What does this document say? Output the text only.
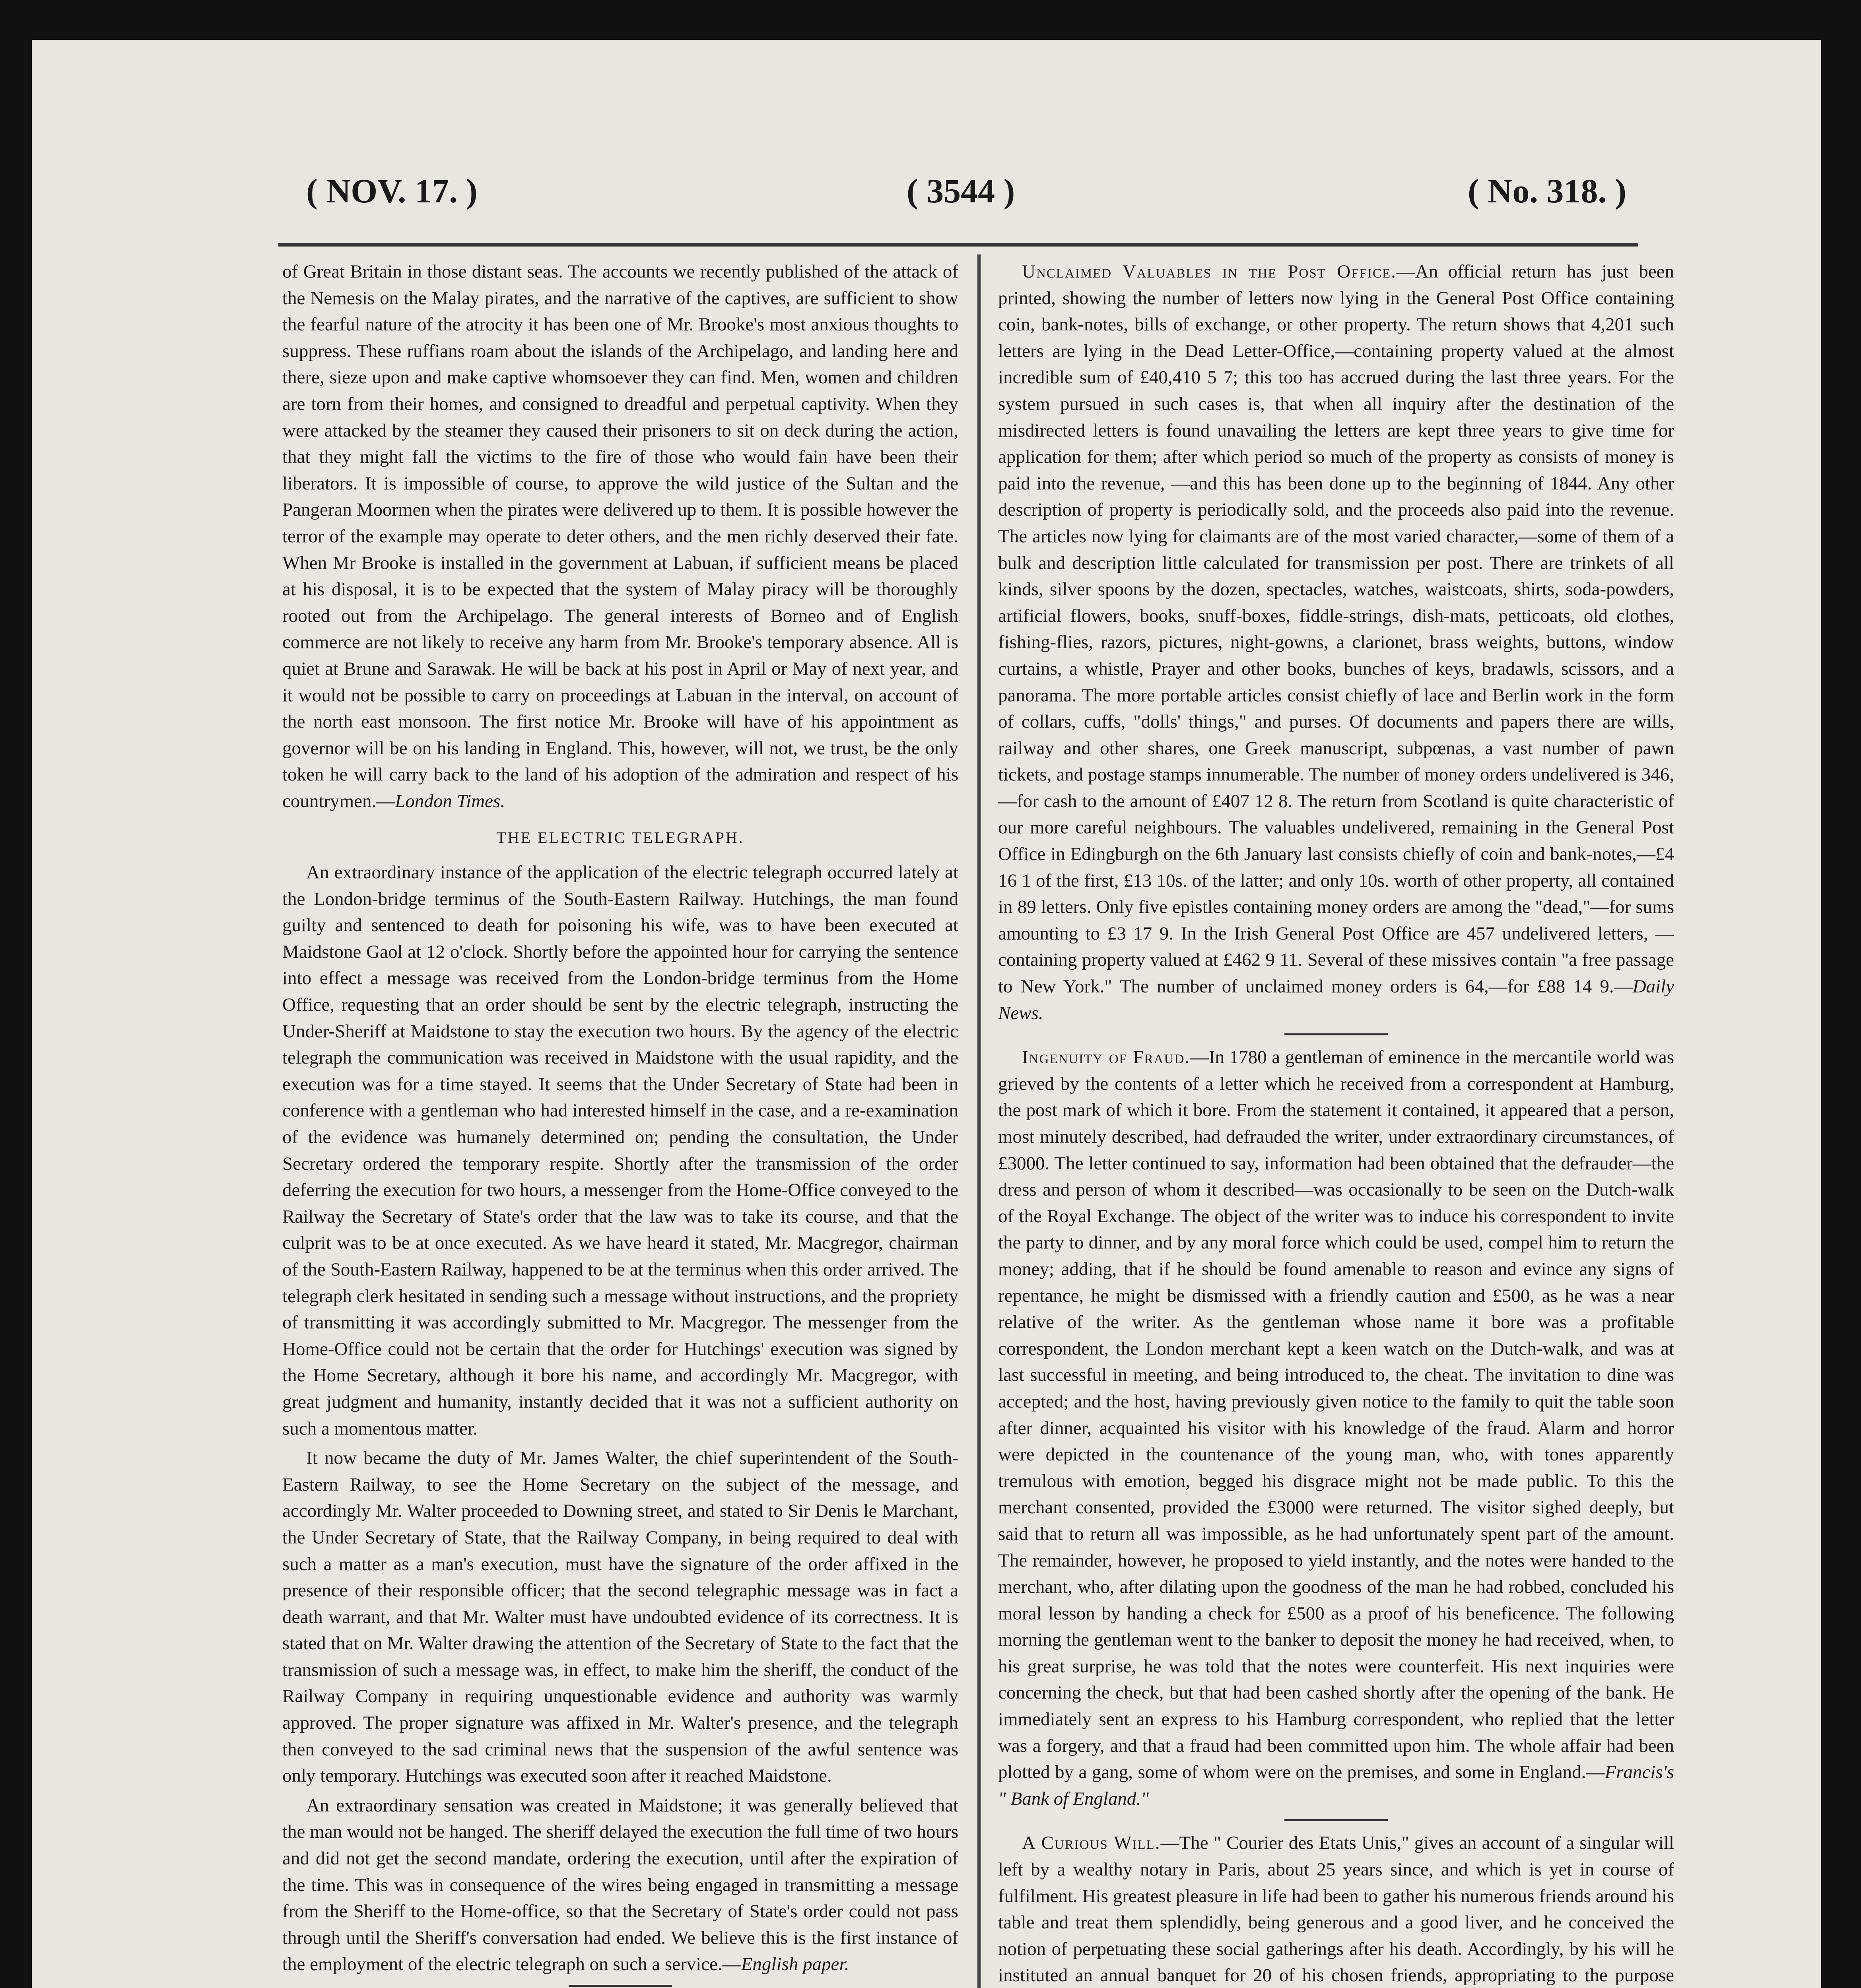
( NOV. 17. )	( 3544 )	( No. 318. )

of Great Britain in those distant seas. The accounts we recently published of the attack of the Nemesis on the Malay pirates, and the narrative of the captives, are sufficient to show the fearful nature of the atrocity it has been one of Mr. Brooke's most anxious thoughts to suppress. These ruffians roam about the islands of the Archipelago, and landing here and there, sieze upon and make captive whomsoever they can find. Men, women and children are torn from their homes, and consigned to dreadful and perpetual captivity. When they were attacked by the steamer they caused their prisoners to sit on deck during the action, that they might fall the victims to the fire of those who would fain have been their liberators. It is impossible of course, to approve the wild justice of the Sultan and the Pangeran Moormen when the pirates were delivered up to them. It is possible however the terror of the example may operate to deter others, and the men richly deserved their fate. When Mr Brooke is installed in the government at Labuan, if sufficient means be placed at his disposal, it is to be expected that the system of Malay piracy will be thoroughly rooted out from the Archipelago. The general interests of Borneo and of English commerce are not likely to receive any harm from Mr. Brooke's temporary absence. All is quiet at Brune and Sarawak. He will be back at his post in April or May of next year, and it would not be possible to carry on proceedings at Labuan in the interval, on account of the north east monsoon. The first notice Mr. Brooke will have of his appointment as governor will be on his landing in England. This, however, will not, we trust, be the only token he will carry back to the land of his adoption of the admiration and respect of his countrymen.—London Times.

THE ELECTRIC TELEGRAPH.

An extraordinary instance of the application of the electric telegraph occurred lately at the London-bridge terminus of the South-Eastern Railway. Hutchings, the man found guilty and sentenced to death for poisoning his wife, was to have been executed at Maidstone Gaol at 12 o'clock. Shortly before the appointed hour for carrying the sentence into effect a message was received from the London-bridge terminus from the Home Office, requesting that an order should be sent by the electric telegraph, instructing the Under-Sheriff at Maidstone to stay the execution two hours. By the agency of the electric telegraph the communication was received in Maidstone with the usual rapidity, and the execution was for a time stayed. It seems that the Under Secretary of State had been in conference with a gentleman who had interested himself in the case, and a re-examination of the evidence was humanely determined on; pending the consultation, the Under Secretary ordered the temporary respite. Shortly after the transmission of the order deferring the execution for two hours, a messenger from the Home-Office conveyed to the Railway the Secretary of State's order that the law was to take its course, and that the culprit was to be at once executed. As we have heard it stated, Mr. Macgregor, chairman of the South-Eastern Railway, happened to be at the terminus when this order arrived. The telegraph clerk hesitated in sending such a message without instructions, and the propriety of transmitting it was accordingly submitted to Mr. Macgregor. The messenger from the Home-Office could not be certain that the order for Hutchings' execution was signed by the Home Secretary, although it bore his name, and accordingly Mr. Macgregor, with great judgment and humanity, instantly decided that it was not a sufficient authority on such a momentous matter.

It now became the duty of Mr. James Walter, the chief superintendent of the South-Eastern Railway, to see the Home Secretary on the subject of the message, and accordingly Mr. Walter proceeded to Downing street, and stated to Sir Denis le Marchant, the Under Secretary of State, that the Railway Company, in being required to deal with such a matter as a man's execution, must have the signature of the order affixed in the presence of their responsible officer; that the second telegraphic message was in fact a death warrant, and that Mr. Walter must have undoubted evidence of its correctness. It is stated that on Mr. Walter drawing the attention of the Secretary of State to the fact that the transmission of such a message was, in effect, to make him the sheriff, the conduct of the Railway Company in requiring unquestionable evidence and authority was warmly approved. The proper signature was affixed in Mr. Walter's presence, and the telegraph then conveyed to the sad criminal news that the suspension of the awful sentence was only temporary. Hutchings was executed soon after it reached Maidstone.

An extraordinary sensation was created in Maidstone; it was generally believed that the man would not be hanged. The sheriff delayed the execution the full time of two hours and did not get the second mandate, ordering the execution, until after the expiration of the time. This was in consequence of the wires being engaged in transmitting a message from the Sheriff to the Home-office, so that the Secretary of State's order could not pass through until the Sheriff's conversation had ended. We believe this is the first instance of the employment of the electric telegraph on such a service.—English paper.

Unclaimed Valuables in the Post Office.—An official return has just been printed, showing the number of letters now lying in the General Post Office containing coin, bank-notes, bills of exchange, or other property. The return shows that 4,201 such letters are lying in the Dead Letter-Office,—containing property valued at the almost incredible sum of £40,410 5 7; this too has accrued during the last three years. For the system pursued in such cases is, that when all inquiry after the destination of the misdirected letters is found unavailing the letters are kept three years to give time for application for them; after which period so much of the property as consists of money is paid into the revenue, —and this has been done up to the beginning of 1844. Any other description of property is periodically sold, and the proceeds also paid into the revenue. The articles now lying for claimants are of the most varied character,—some of them of a bulk and description little calculated for transmission per post. There are trinkets of all kinds, silver spoons by the dozen, spectacles, watches, waistcoats, shirts, soda-powders, artificial flowers, books, snuff-boxes, fiddle-strings, dish-mats, petticoats, old clothes, fishing-flies, razors, pictures, night-gowns, a clarionet, brass weights, buttons, window curtains, a whistle, Prayer and other books, bunches of keys, bradawls, scissors, and a panorama. The more portable articles consist chiefly of lace and Berlin work in the form of collars, cuffs, "dolls' things," and purses. Of documents and papers there are wills, railway and other shares, one Greek manuscript, subpœnas, a vast number of pawn tickets, and postage stamps innumerable. The number of money orders undelivered is 346,—for cash to the amount of £407 12 8. The return from Scotland is quite characteristic of our more careful neighbours. The valuables undelivered, remaining in the General Post Office in Edingburgh on the 6th January last consists chiefly of coin and bank-notes,—£4 16 1 of the first, £13 10s. of the latter; and only 10s. worth of other property, all contained in 89 letters. Only five epistles containing money orders are among the "dead,"—for sums amounting to £3 17 9. In the Irish General Post Office are 457 undelivered letters, —containing property valued at £462 9 11. Several of these missives contain "a free passage to New York." The number of unclaimed money orders is 64,—for £88 14 9.—Daily News.

Ingenuity of Fraud.—In 1780 a gentleman of eminence in the mercantile world was grieved by the contents of a letter which he received from a correspondent at Hamburg, the post mark of which it bore. From the statement it contained, it appeared that a person, most minutely described, had defrauded the writer, under extraordinary circumstances, of £3000. The letter continued to say, information had been obtained that the defrauder—the dress and person of whom it described—was occasionally to be seen on the Dutch-walk of the Royal Exchange. The object of the writer was to induce his correspondent to invite the party to dinner, and by any moral force which could be used, compel him to return the money; adding, that if he should be found amenable to reason and evince any signs of repentance, he might be dismissed with a friendly caution and £500, as he was a near relative of the writer. As the gentleman whose name it bore was a profitable correspondent, the London merchant kept a keen watch on the Dutch-walk, and was at last successful in meeting, and being introduced to, the cheat. The invitation to dine was accepted; and the host, having previously given notice to the family to quit the table soon after dinner, acquainted his visitor with his knowledge of the fraud. Alarm and horror were depicted in the countenance of the young man, who, with tones apparently tremulous with emotion, begged his disgrace might not be made public. To this the merchant consented, provided the £3000 were returned. The visitor sighed deeply, but said that to return all was impossible, as he had unfortunately spent part of the amount. The remainder, however, he proposed to yield instantly, and the notes were handed to the merchant, who, after dilating upon the goodness of the man he had robbed, concluded his moral lesson by handing a check for £500 as a proof of his beneficence. The following morning the gentleman went to the banker to deposit the money he had received, when, to his great surprise, he was told that the notes were counterfeit. His next inquiries were concerning the check, but that had been cashed shortly after the opening of the bank. He immediately sent an express to his Hamburg correspondent, who replied that the letter was a forgery, and that a fraud had been committed upon him. The whole affair had been plotted by a gang, some of whom were on the premises, and some in England.—Francis's " Bank of England."

A Curious Will.—The " Courier des Etats Unis," gives an account of a singular will left by a wealthy notary in Paris, about 25 years since, and which is yet in course of fulfilment. His greatest pleasure in life had been to gather his numerous friends around his table and treat them splendidly, being generous and a good liver, and he conceived the notion of perpetuating these social gatherings after his death. Accordingly, by his will he instituted an annual banquet for 20 of his chosen friends, appropriating to the purpose
